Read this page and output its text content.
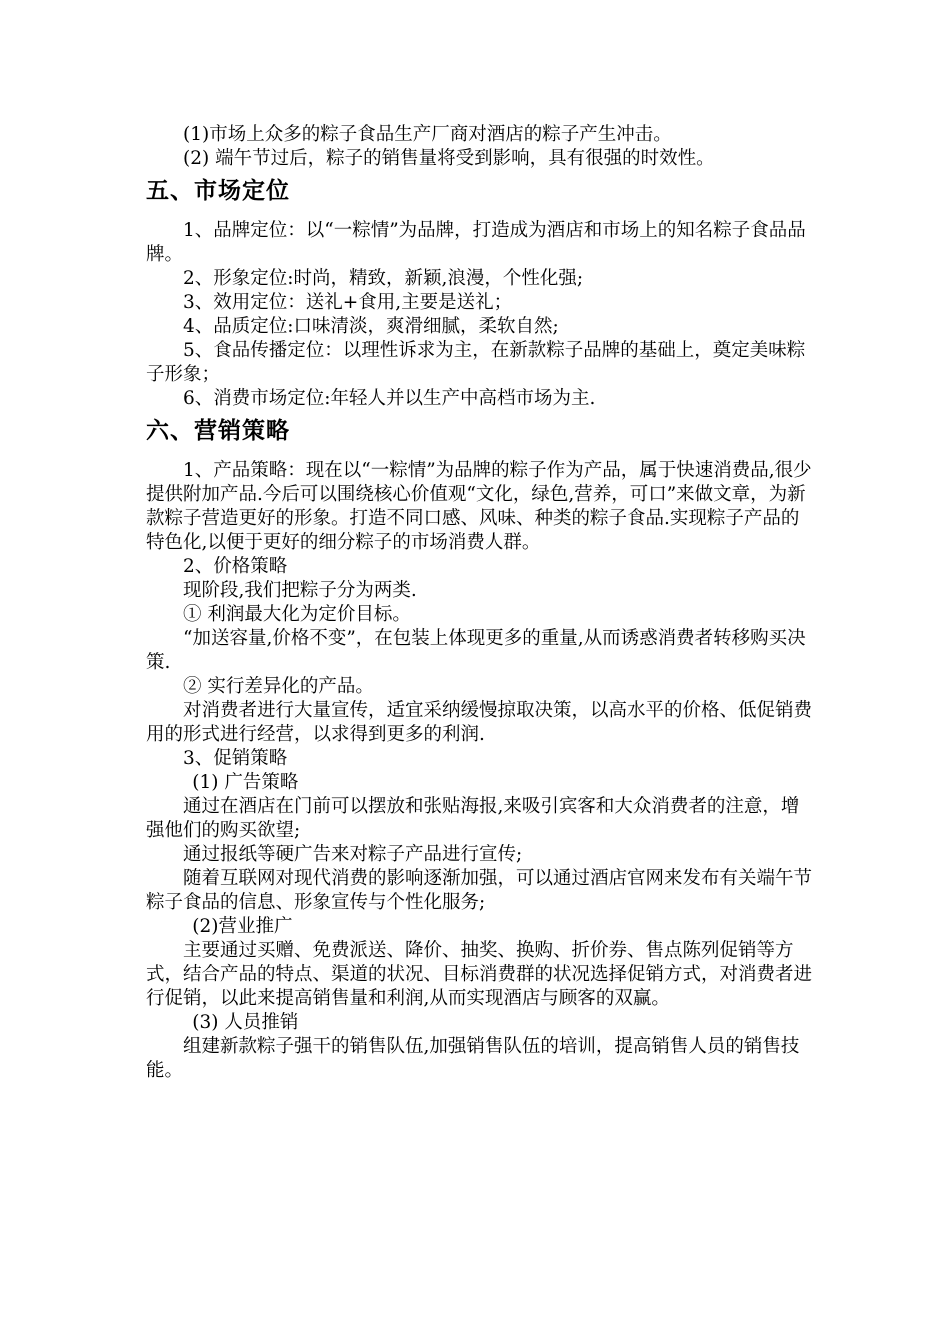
(1)市场上众多的粽子食品生产厂商对酒店的粽子产生冲击。

(2) 端午节过后，粽子的销售量将受到影响，具有很强的时效性。

五、市场定位

1、品牌定位：以“一粽情”为品牌，打造成为酒店和市场上的知名粽子食品品牌。

2、形象定位:时尚，精致，新颖,浪漫，个性化强;

3、效用定位：送礼+食用,主要是送礼；

4、品质定位:口味清淡，爽滑细腻，柔软自然;

5、食品传播定位：以理性诉求为主，在新款粽子品牌的基础上，奠定美味粽子形象；

6、消费市场定位:年轻人并以生产中高档市场为主.

六、营销策略

1、产品策略：现在以“一粽情”为品牌的粽子作为产品，属于快速消费品,很少提供附加产品.今后可以围绕核心价值观“文化，绿色,营养，可口”来做文章，为新款粽子营造更好的形象。打造不同口感、风味、种类的粽子食品.实现粽子产品的特色化,以便于更好的细分粽子的市场消费人群。

2、价格策略

现阶段,我们把粽子分为两类.

① 利润最大化为定价目标。

“加送容量,价格不变”，在包装上体现更多的重量,从而诱惑消费者转移购买决策.

② 实行差异化的产品。

对消费者进行大量宣传，适宜采纳缓慢掠取决策，以高水平的价格、低促销费用的形式进行经营，以求得到更多的利润.

3、促销策略

(1) 广告策略

通过在酒店在门前可以摆放和张贴海报,来吸引宾客和大众消费者的注意，增强他们的购买欲望;

通过报纸等硬广告来对粽子产品进行宣传;

随着互联网对现代消费的影响逐渐加强，可以通过酒店官网来发布有关端午节粽子食品的信息、形象宣传与个性化服务;

(2)营业推广

主要通过买赠、免费派送、降价、抽奖、换购、折价券、售点陈列促销等方式，结合产品的特点、渠道的状况、目标消费群的状况选择促销方式，对消费者进行促销，以此来提高销售量和利润,从而实现酒店与顾客的双赢。

(3) 人员推销

组建新款粽子强干的销售队伍,加强销售队伍的培训，提高销售人员的销售技能。
